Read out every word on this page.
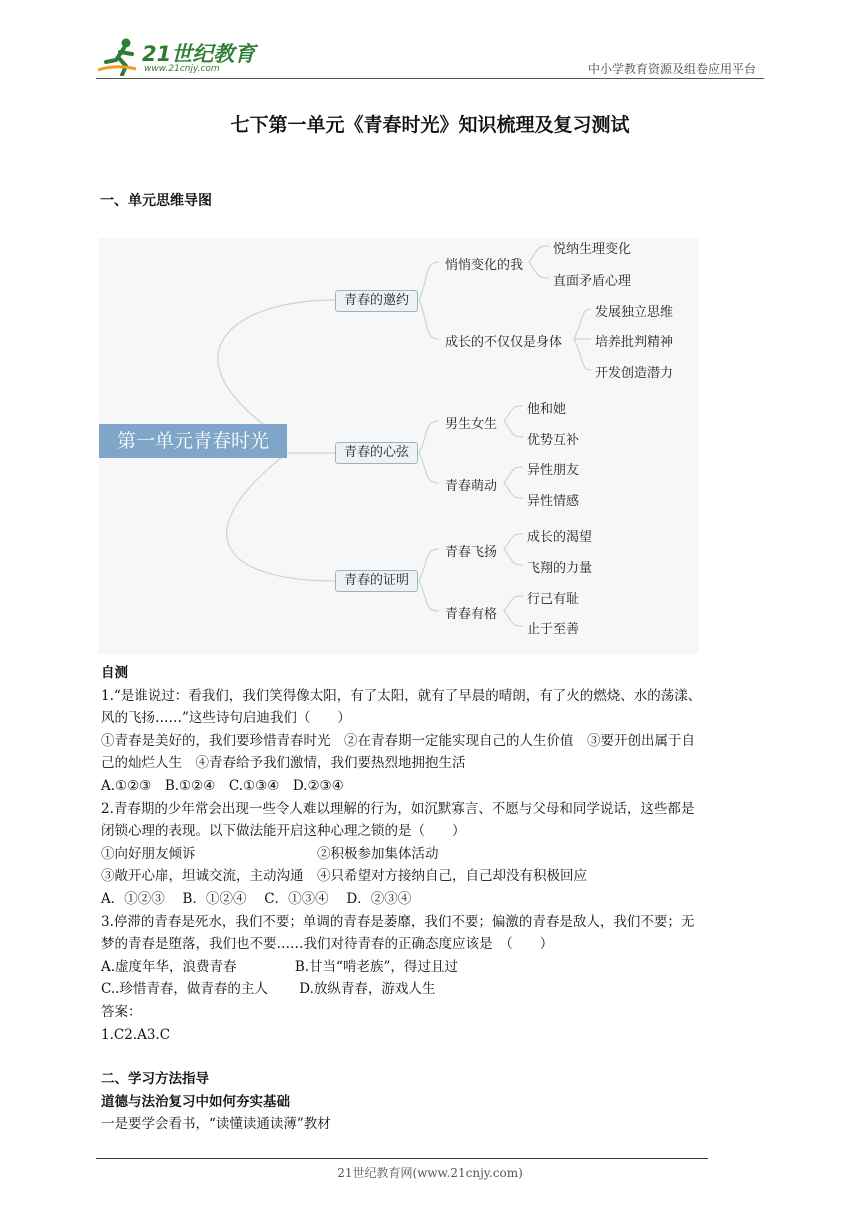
21世纪教育
www.21cnjy.com	中小学教育资源及组卷应用平台
七下第一单元《青春时光》知识梳理及复习测试
一、单元思维导图
第一单元青春时光
青春的邀约
青春的心弦
青春的证明
悄悄变化的我
成长的不仅仅是身体
悦纳生理变化
直面矛盾心理
发展独立思维
培养批判精神
开发创造潜力
男生女生
青春萌动
他和她
优势互补
异性朋友
异性情感
青春飞扬
青春有格
成长的渴望
飞翔的力量
行己有耻
止于至善
自测
1.“是谁说过：看我们，我们笑得像太阳，有了太阳，就有了早晨的晴朗，有了火的燃烧、水的荡漾、
风的飞扬……”这些诗句启迪我们（　　）
①青春是美好的，我们要珍惜青春时光　②在青春期一定能实现自己的人生价值　③要开创出属于自
己的灿烂人生　④青春给予我们激情，我们要热烈地拥抱生活
A.①②③　B.①②④　C.①③④　D.②③④
2.青春期的少年常会出现一些令人难以理解的行为，如沉默寡言、不愿与父母和同学说话，这些都是
闭锁心理的表现。以下做法能开启这种心理之锁的是（　　）
①向好朋友倾诉　　　　　　　　　②积极参加集体活动
③敞开心扉，坦诚交流，主动沟通　④只希望对方接纳自己，自己却没有积极回应
A．①②③　 B．①②④　 C．①③④　 D．②③④
3.停滞的青春是死水，我们不要；单调的青春是萎靡，我们不要；偏激的青春是敌人，我们不要；无
梦的青春是堕落，我们也不要……我们对待青春的正确态度应该是　（　　）
A.虚度年华，浪费青春　　　　 B.甘当“啃老族”，得过且过
C..珍惜青春，做青春的主人　　 D.放纵青春，游戏人生
答案：
1.C2.A3.C
二、学习方法指导
道德与法治复习中如何夯实基础
一是要学会看书，“读懂读通读薄”教材
21世纪教育网(www.21cnjy.com)
